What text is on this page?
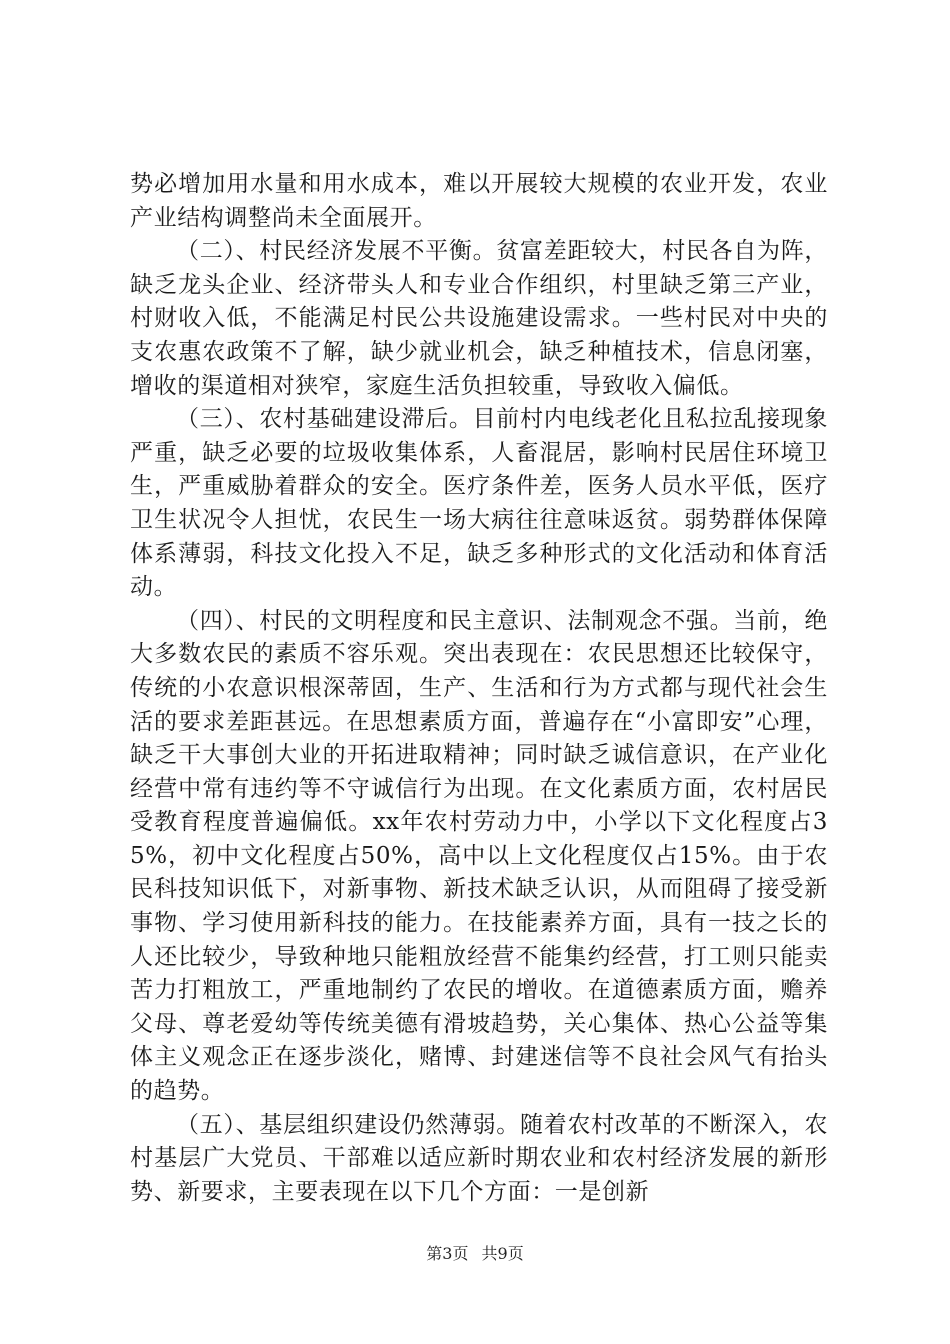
势必增加用水量和用水成本，难以开展较大规模的农业开发，农业产业结构调整尚未全面展开。

（二）、村民经济发展不平衡。贫富差距较大，村民各自为阵，缺乏龙头企业、经济带头人和专业合作组织，村里缺乏第三产业，村财收入低，不能满足村民公共设施建设需求。一些村民对中央的支农惠农政策不了解，缺少就业机会，缺乏种植技术，信息闭塞，增收的渠道相对狭窄，家庭生活负担较重，导致收入偏低。

（三）、农村基础建设滞后。目前村内电线老化且私拉乱接现象严重，缺乏必要的垃圾收集体系，人畜混居，影响村民居住环境卫生，严重威胁着群众的安全。医疗条件差，医务人员水平低，医疗卫生状况令人担忧，农民生一场大病往往意味返贫。弱势群体保障体系薄弱，科技文化投入不足，缺乏多种形式的文化活动和体育活动。

（四）、村民的文明程度和民主意识、法制观念不强。当前，绝大多数农民的素质不容乐观。突出表现在：农民思想还比较保守，传统的小农意识根深蒂固，生产、生活和行为方式都与现代社会生活的要求差距甚远。在思想素质方面，普遍存在“小富即安”心理，缺乏干大事创大业的开拓进取精神；同时缺乏诚信意识，在产业化经营中常有违约等不守诚信行为出现。在文化素质方面，农村居民受教育程度普遍偏低。xx年农村劳动力中，小学以下文化程度占35%，初中文化程度占50%，高中以上文化程度仅占15%。由于农民科技知识低下，对新事物、新技术缺乏认识，从而阻碍了接受新事物、学习使用新科技的能力。在技能素养方面，具有一技之长的人还比较少，导致种地只能粗放经营不能集约经营，打工则只能卖苦力打粗放工，严重地制约了农民的增收。在道德素质方面，赡养父母、尊老爱幼等传统美德有滑坡趋势，关心集体、热心公益等集体主义观念正在逐步淡化，赌博、封建迷信等不良社会风气有抬头的趋势。

（五）、基层组织建设仍然薄弱。随着农村改革的不断深入，农村基层广大党员、干部难以适应新时期农业和农村经济发展的新形势、新要求，主要表现在以下几个方面：一是创新

第3页 共9页
